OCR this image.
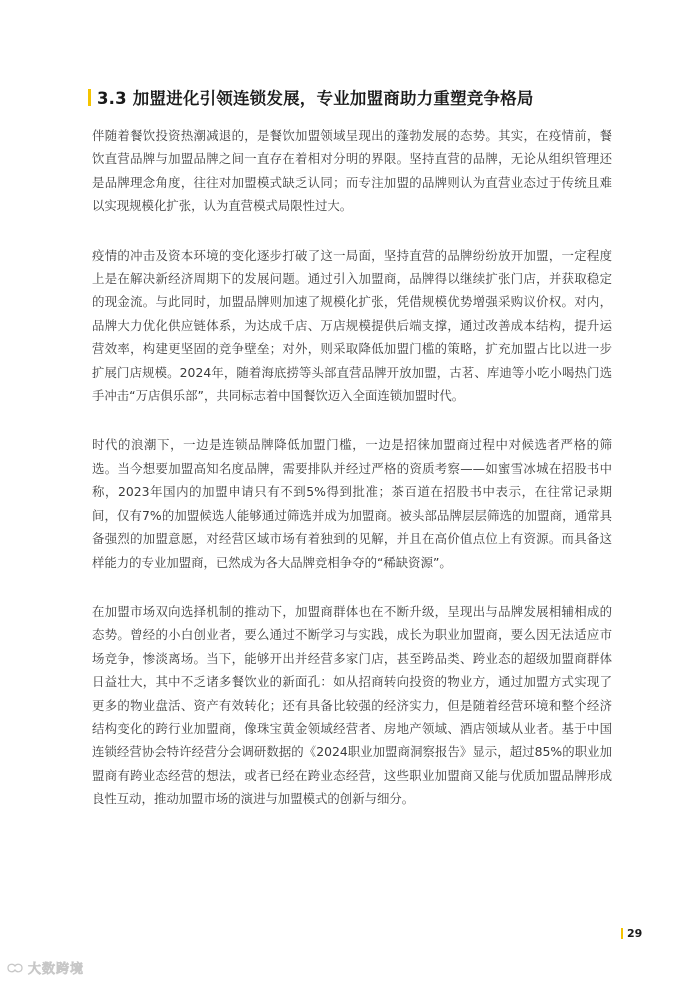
3.3 加盟进化引领连锁发展，专业加盟商助力重塑竞争格局

伴随着餐饮投资热潮减退的，是餐饮加盟领域呈现出的蓬勃发展的态势。其实，在疫情前，餐饮直营品牌与加盟品牌之间一直存在着相对分明的界限。坚持直营的品牌，无论从组织管理还是品牌理念角度，往往对加盟模式缺乏认同；而专注加盟的品牌则认为直营业态过于传统且难以实现规模化扩张，认为直营模式局限性过大。

疫情的冲击及资本环境的变化逐步打破了这一局面，坚持直营的品牌纷纷放开加盟，一定程度上是在解决新经济周期下的发展问题。通过引入加盟商，品牌得以继续扩张门店，并获取稳定的现金流。与此同时，加盟品牌则加速了规模化扩张，凭借规模优势增强采购议价权。对内，品牌大力优化供应链体系，为达成千店、万店规模提供后端支撑，通过改善成本结构，提升运营效率，构建更坚固的竞争壁垒；对外，则采取降低加盟门槛的策略，扩充加盟占比以进一步扩展门店规模。2024年，随着海底捞等头部直营品牌开放加盟，古茗、库迪等小吃小喝热门选手冲击“万店俱乐部”，共同标志着中国餐饮迈入全面连锁加盟时代。

时代的浪潮下，一边是连锁品牌降低加盟门槛，一边是招徕加盟商过程中对候选者严格的筛选。当今想要加盟高知名度品牌，需要排队并经过严格的资质考察——如蜜雪冰城在招股书中称，2023年国内的加盟申请只有不到5%得到批准；茶百道在招股书中表示，在往常记录期间，仅有7%的加盟候选人能够通过筛选并成为加盟商。被头部品牌层层筛选的加盟商，通常具备强烈的加盟意愿，对经营区域市场有着独到的见解，并且在高价值点位上有资源。而具备这样能力的专业加盟商，已然成为各大品牌竞相争夺的“稀缺资源”。

在加盟市场双向选择机制的推动下，加盟商群体也在不断升级，呈现出与品牌发展相辅相成的态势。曾经的小白创业者，要么通过不断学习与实践，成长为职业加盟商，要么因无法适应市场竞争，惨淡离场。当下，能够开出并经营多家门店，甚至跨品类、跨业态的超级加盟商群体日益壮大，其中不乏诸多餐饮业的新面孔：如从招商转向投资的物业方，通过加盟方式实现了更多的物业盘活、资产有效转化；还有具备比较强的经济实力，但是随着经营环境和整个经济结构变化的跨行业加盟商，像珠宝黄金领域经营者、房地产领域、酒店领域从业者。基于中国连锁经营协会特许经营分会调研数据的《2024职业加盟商洞察报告》显示，超过85%的职业加盟商有跨业态经营的想法，或者已经在跨业态经营，这些职业加盟商又能与优质加盟品牌形成良性互动，推动加盟市场的演进与加盟模式的创新与细分。

29
大数跨境
